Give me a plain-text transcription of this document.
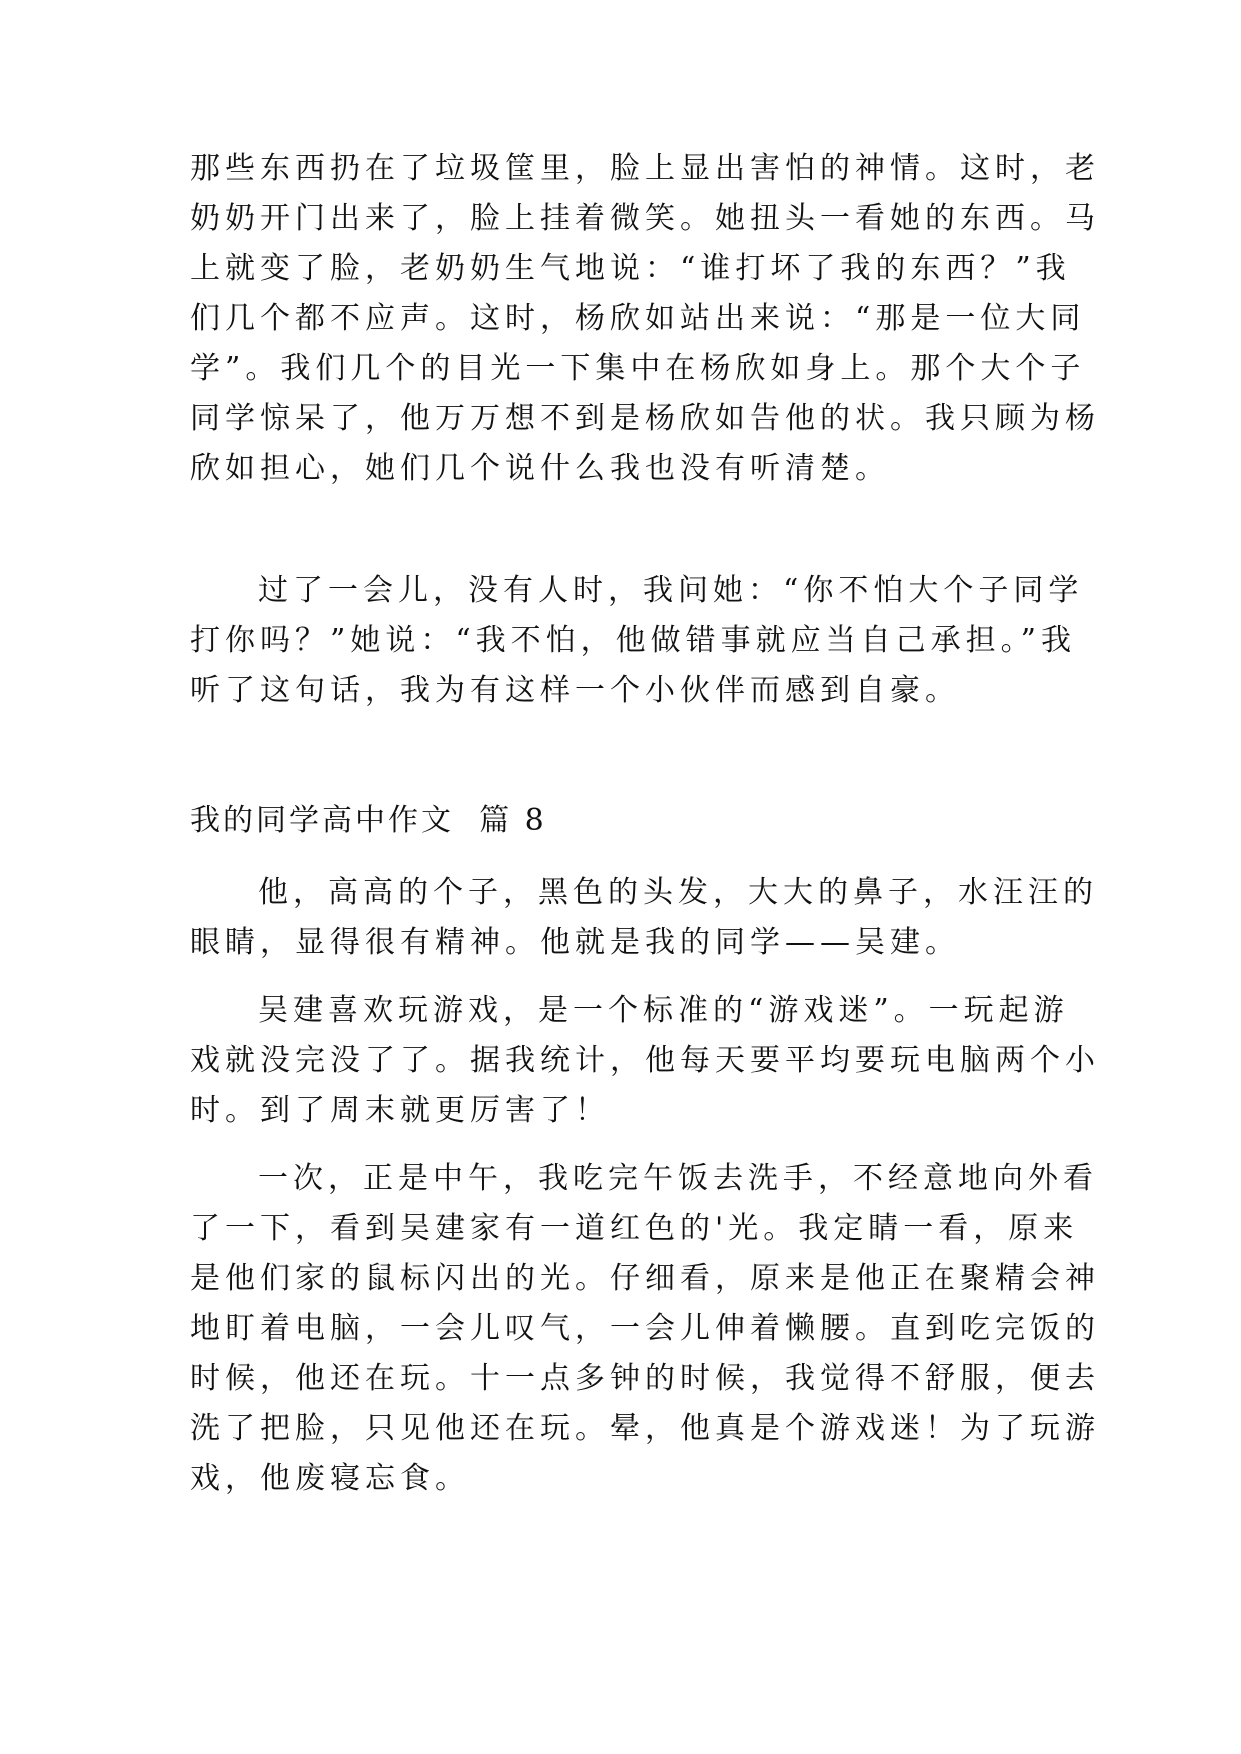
那些东西扔在了垃圾筐里，脸上显出害怕的神情。这时，老
奶奶开门出来了，脸上挂着微笑。她扭头一看她的东西。马
上就变了脸，老奶奶生气地说：“谁打坏了我的东西？”我
们几个都不应声。这时，杨欣如站出来说：“那是一位大同
学”。我们几个的目光一下集中在杨欣如身上。那个大个子
同学惊呆了，他万万想不到是杨欣如告他的状。我只顾为杨
欣如担心，她们几个说什么我也没有听清楚。
过了一会儿，没有人时，我问她：“你不怕大个子同学
打你吗？”她说：“我不怕，他做错事就应当自己承担。”我
听了这句话，我为有这样一个小伙伴而感到自豪。
我的同学高中作文  篇 8
他，高高的个子，黑色的头发，大大的鼻子，水汪汪的
眼睛，显得很有精神。他就是我的同学——吴建。
吴建喜欢玩游戏，是一个标准的“游戏迷”。一玩起游
戏就没完没了了。据我统计，他每天要平均要玩电脑两个小
时。到了周末就更厉害了！
一次，正是中午，我吃完午饭去洗手，不经意地向外看
了一下，看到吴建家有一道红色的'光。我定睛一看，原来
是他们家的鼠标闪出的光。仔细看，原来是他正在聚精会神
地盯着电脑，一会儿叹气，一会儿伸着懒腰。直到吃完饭的
时候，他还在玩。十一点多钟的时候，我觉得不舒服，便去
洗了把脸，只见他还在玩。晕，他真是个游戏迷！为了玩游
戏，他废寝忘食。
